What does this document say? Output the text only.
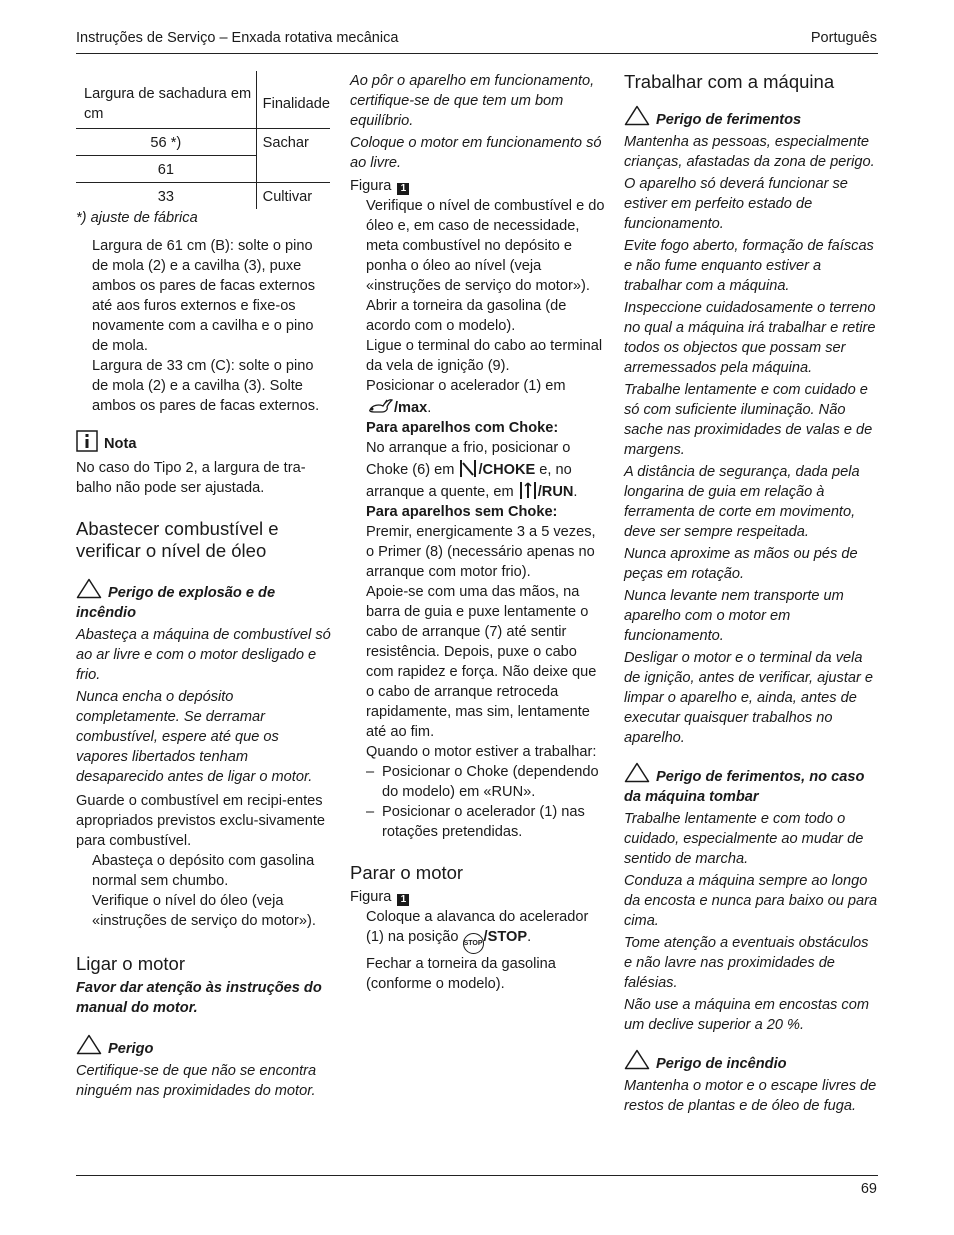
Instruções de Serviço – Enxada rotativa mecânica	Português
Largura de sachadura em cm	Finalidade
56 *)	Sachar
61	
33	Cultivar

*) ajuste de fábrica

Largura de 61 cm (B): solte o pino de mola (2) e a cavilha (3), puxe ambos os pares de facas externos até aos furos externos e fixe-os novamente com a cavilha e o pino de mola.

Largura de 33 cm (C): solte o pino de mola (2) e a cavilha (3). Solte ambos os pares de facas externos.

Nota

No caso do Tipo 2, a largura de tra-balho não pode ser ajustada.

Abastecer combustível e verificar o nível de óleo

Perigo de explosão e de incêndio

Abasteça a máquina de combustível só ao ar livre e com o motor desligado e frio.

Nunca encha o depósito completamente. Se derramar combustível, espere até que os vapores libertados tenham desaparecido antes de ligar o motor.

Guarde o combustível em recipi-entes apropriados previstos exclu-sivamente para combustível.

Abasteça o depósito com gasolina normal sem chumbo.

Verifique o nível do óleo (veja «instruções de serviço do motor»).

Ligar o motor

Favor dar atenção às instruções do manual do motor.

Perigo

Certifique-se de que não se encontra ninguém nas proximidades do motor.

Ao pôr o aparelho em funcionamento, certifique-se de que tem um bom equilíbrio.

Coloque o motor em funcionamento só ao livre.

Figura 1

Verifique o nível de combustível e do óleo e, em caso de necessidade, meta combustível no depósito e ponha o óleo ao nível (veja «instruções de serviço do motor»).

Abrir a torneira da gasolina (de acordo com o modelo).

Ligue o terminal do cabo ao terminal da vela de ignição (9).

Posicionar o acelerador (1) em
/max.

Para aparelhos com Choke:

No arranque a frio, posicionar o Choke (6) em /CHOKE e, no arranque a quente, em /RUN.

Para aparelhos sem Choke:

Premir, energicamente 3 a 5 vezes, o Primer (8) (necessário apenas no arranque com motor frio).

Apoie-se com uma das mãos, na barra de guia e puxe lentamente o cabo de arranque (7) até sentir resistência. Depois, puxe o cabo com rapidez e força. Não deixe que o cabo de arranque retroceda rapidamente, mas sim, lentamente até ao fim.

Quando o motor estiver a trabalhar:

– Posicionar o Choke (dependendo do modelo) em «RUN».
– Posicionar o acelerador (1) nas rotações pretendidas.

Parar o motor

Figura 1

Coloque a alavanca do acelerador (1) na posição STOP/STOP.

Fechar a torneira da gasolina (conforme o modelo).

Trabalhar com a máquina

Perigo de ferimentos

Mantenha as pessoas, especialmente crianças, afastadas da zona de perigo.

O aparelho só deverá funcionar se estiver em perfeito estado de funcionamento.

Evite fogo aberto, formação de faíscas e não fume enquanto estiver a trabalhar com a máquina.

Inspeccione cuidadosamente o terreno no qual a máquina irá trabalhar e retire todos os objectos que possam ser arremessados pela máquina.

Trabalhe lentamente e com cuidado e só com suficiente iluminação. Não sache nas proximidades de valas e de margens.

A distância de segurança, dada pela longarina de guia em relação à ferramenta de corte em movimento, deve ser sempre respeitada.

Nunca aproxime as mãos ou pés de peças em rotação.

Nunca levante nem transporte um aparelho com o motor em funcionamento.

Desligar o motor e o terminal da vela de ignição, antes de verificar, ajustar e limpar o aparelho e, ainda, antes de executar quaisquer trabalhos no aparelho.

Perigo de ferimentos, no caso da máquina tombar

Trabalhe lentamente e com todo o cuidado, especialmente ao mudar de sentido de marcha.

Conduza a máquina sempre ao longo da encosta e nunca para baixo ou para cima.

Tome atenção a eventuais obstáculos e não lavre nas proximidades de falésias.

Não use a máquina em encostas com um declive superior a 20 %.

Perigo de incêndio

Mantenha o motor e o escape livres de restos de plantas e de óleo de fuga.

69
